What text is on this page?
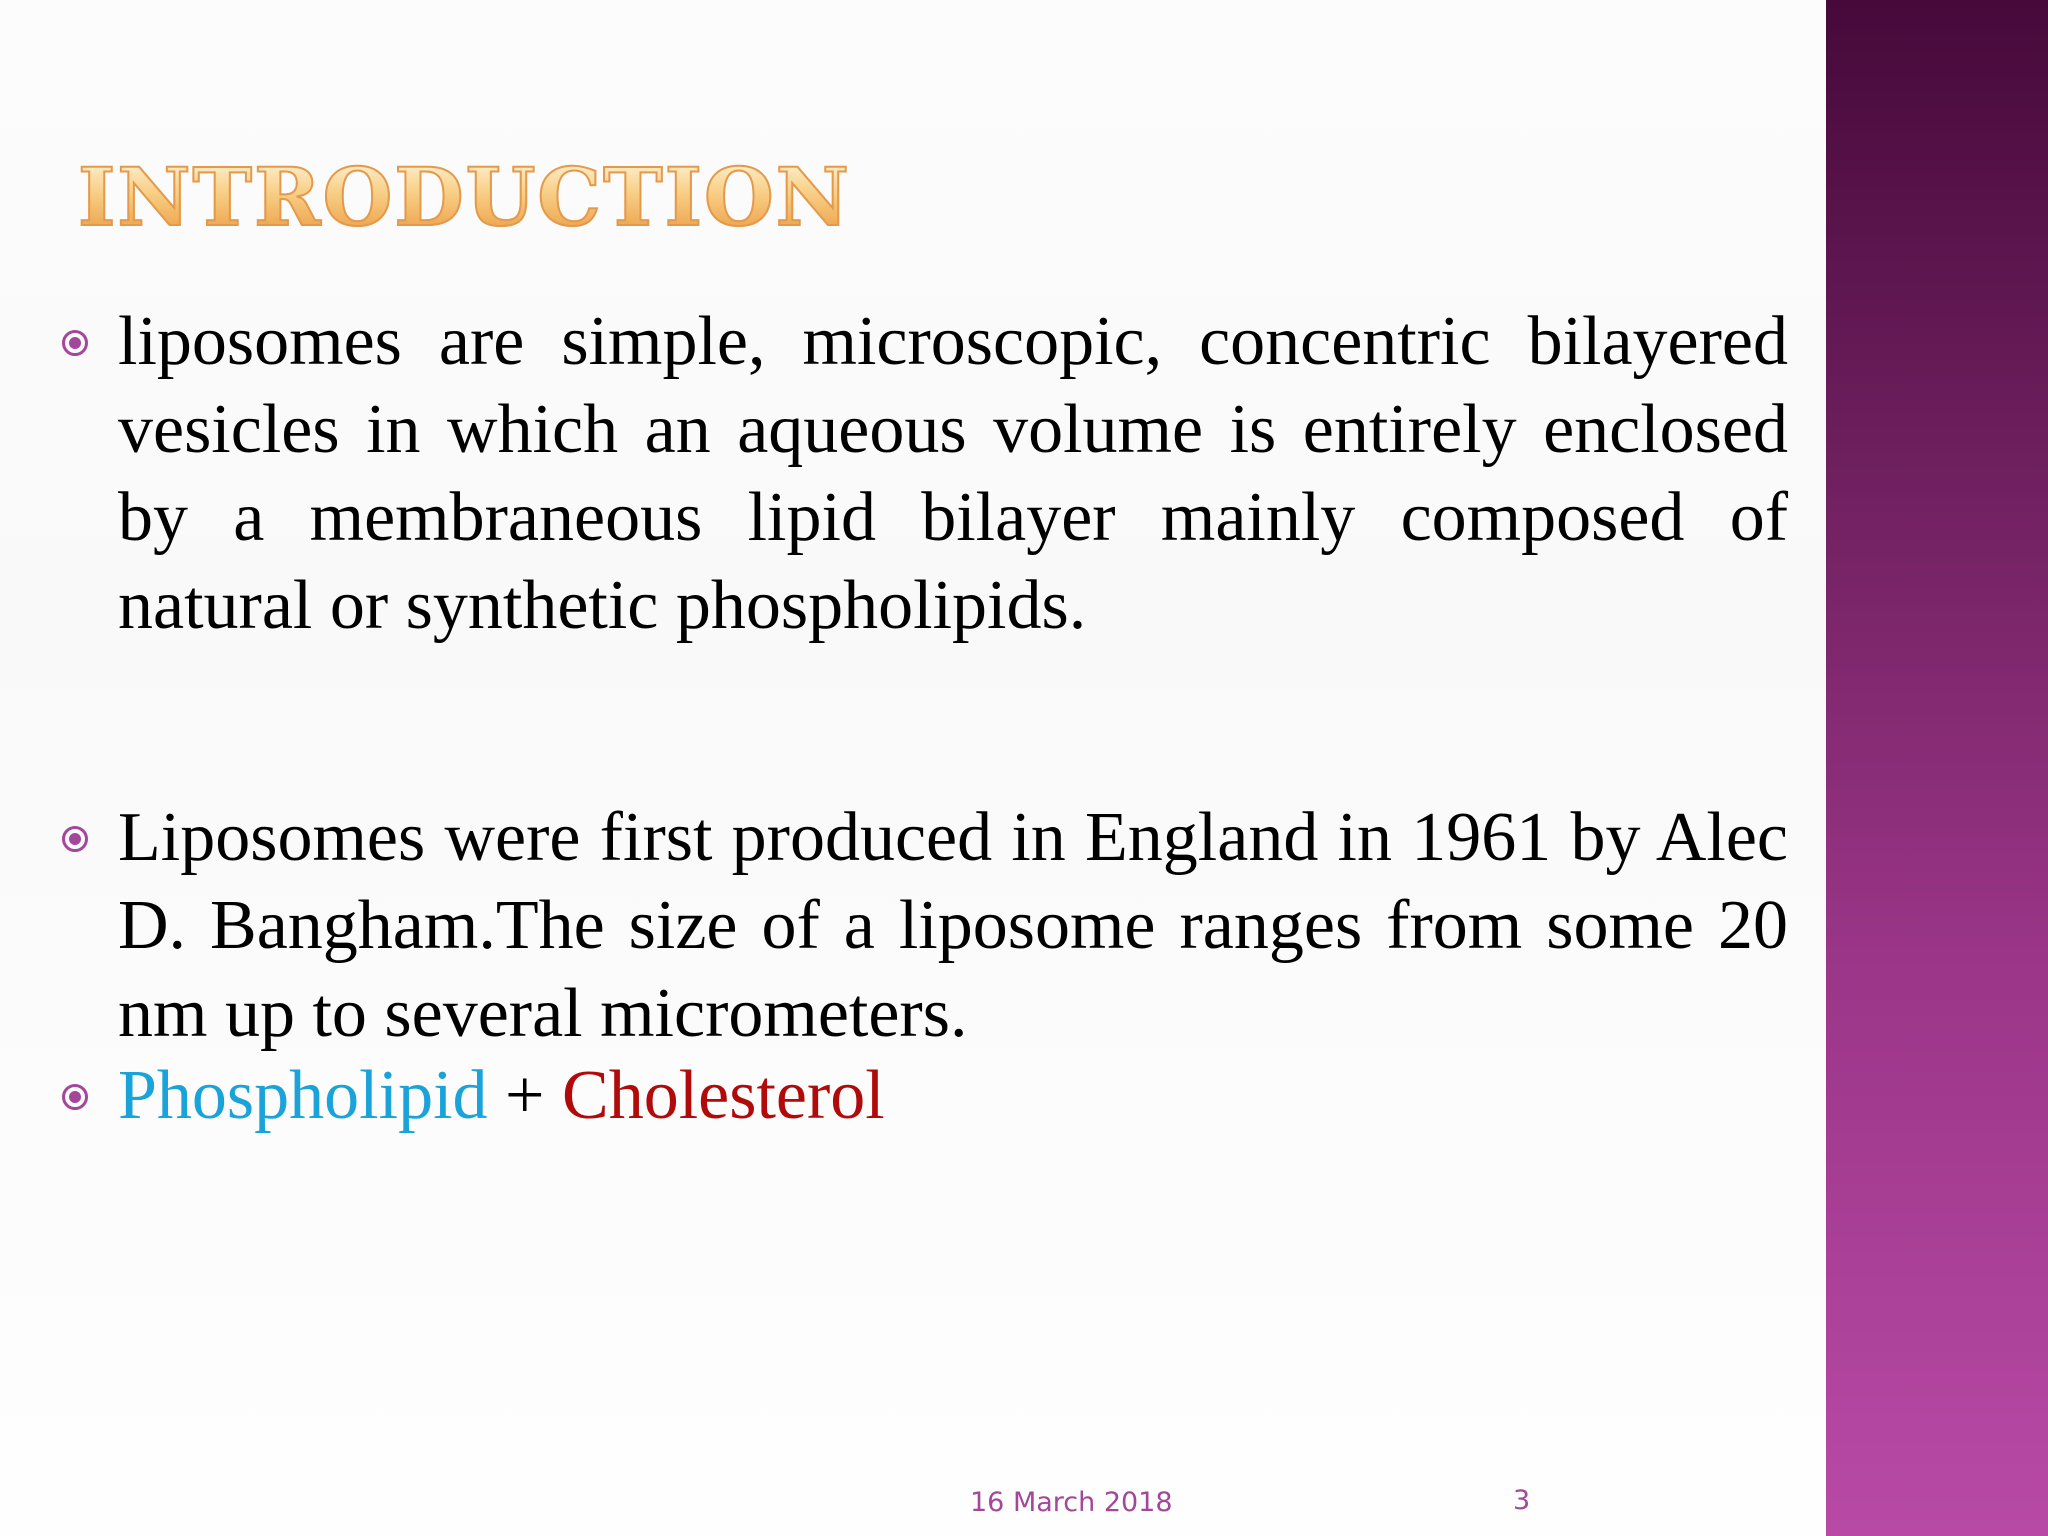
INTRODUCTION
liposomes are simple, microscopic, concentric bilayered vesicles in which an aqueous volume is entirely enclosed by a membraneous lipid bilayer mainly composed of natural or synthetic phospholipids.
Liposomes were first produced in England in 1961 by Alec D. Bangham.The size of a liposome ranges from some 20 nm up to several micrometers.
Phospholipid + Cholesterol
16 March 2018	3
